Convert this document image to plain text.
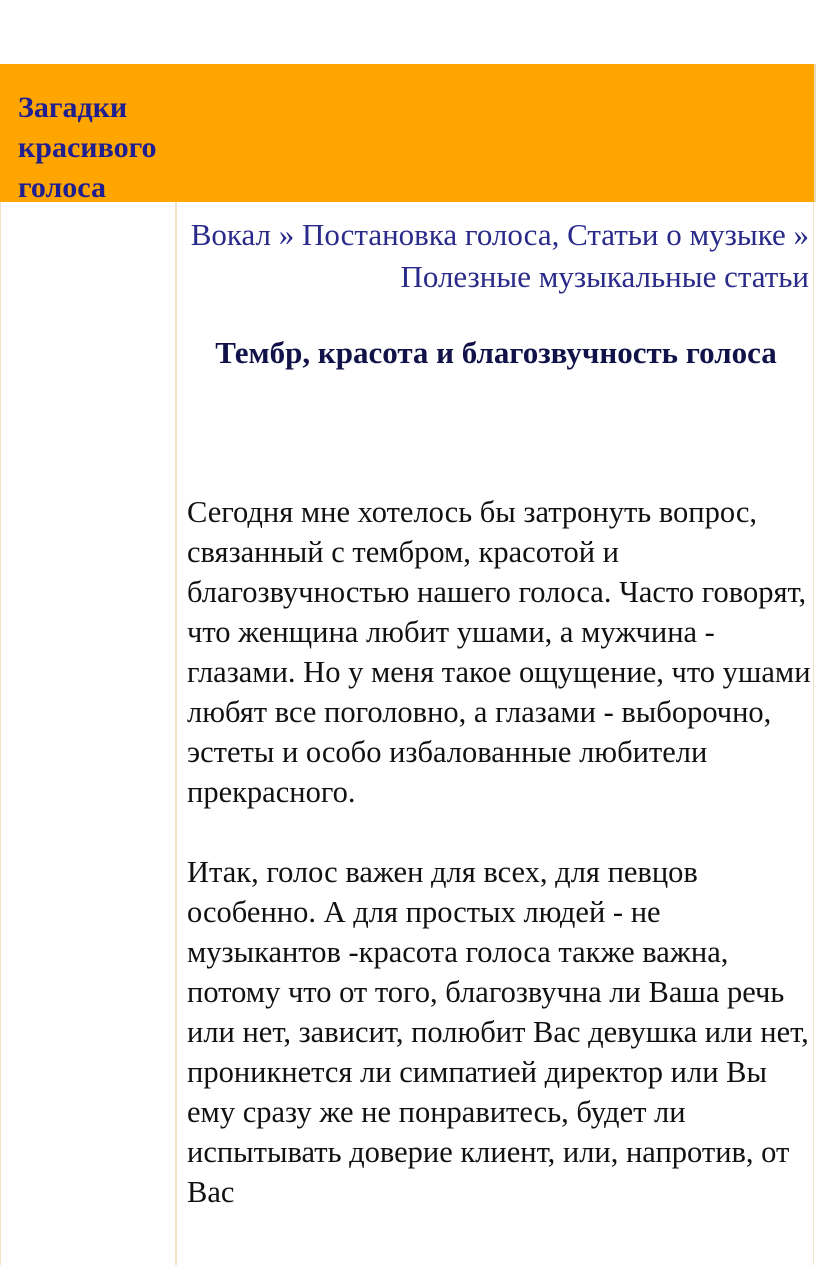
Загадки красивого голоса

Вокал » Постановка голоса, Статьи о музыке » Полезные музыкальные статьи

Тембр, красота и благозвучность голоса

Сегодня мне хотелось бы затронуть вопрос, связанный с тембром, красотой и благозвучностью нашего голоса. Часто говорят, что женщина любит ушами, а мужчина - глазами. Но у меня такое ощущение, что ушами любят все поголовно, а глазами - выборочно, эстеты и особо избалованные любители прекрасного.

Итак, голос важен для всех, для певцов особенно. А для простых людей - не музыкантов -красота голоса также важна, потому что от того, благозвучна ли Ваша речь или нет, зависит, полюбит Вас девушка или нет, проникнется ли симпатией директор или Вы ему сразу же не понравитесь, будет ли испытывать доверие клиент, или, напротив, от Вас
